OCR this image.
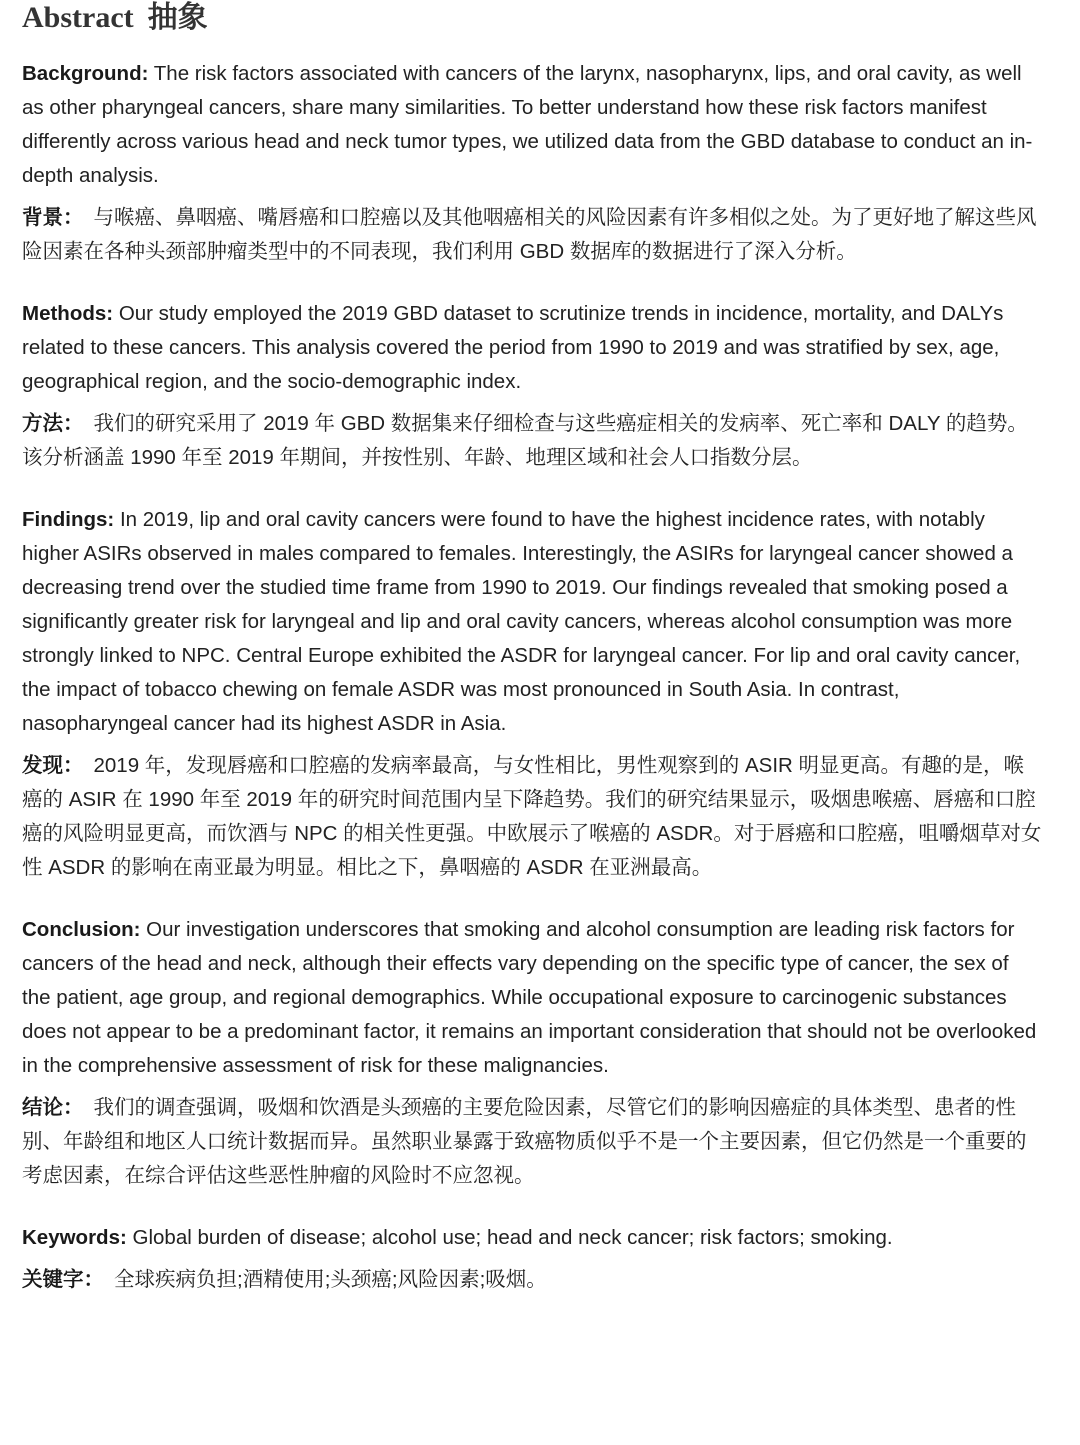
Abstract 抽象

Background: The risk factors associated with cancers of the larynx, nasopharynx, lips, and oral cavity, as well as other pharyngeal cancers, share many similarities. To better understand how these risk factors manifest differently across various head and neck tumor types, we utilized data from the GBD database to conduct an in-depth analysis.

背景： 与喉癌、鼻咽癌、嘴唇癌和口腔癌以及其他咽癌相关的风险因素有许多相似之处。为了更好地了解这些风险因素在各种头颈部肿瘤类型中的不同表现，我们利用 GBD 数据库的数据进行了深入分析。

Methods: Our study employed the 2019 GBD dataset to scrutinize trends in incidence, mortality, and DALYs related to these cancers. This analysis covered the period from 1990 to 2019 and was stratified by sex, age, geographical region, and the socio-demographic index.

方法： 我们的研究采用了 2019 年 GBD 数据集来仔细检查与这些癌症相关的发病率、死亡率和 DALY 的趋势。该分析涵盖 1990 年至 2019 年期间，并按性别、年龄、地理区域和社会人口指数分层。

Findings: In 2019, lip and oral cavity cancers were found to have the highest incidence rates, with notably higher ASIRs observed in males compared to females. Interestingly, the ASIRs for laryngeal cancer showed a decreasing trend over the studied time frame from 1990 to 2019. Our findings revealed that smoking posed a significantly greater risk for laryngeal and lip and oral cavity cancers, whereas alcohol consumption was more strongly linked to NPC. Central Europe exhibited the ASDR for laryngeal cancer. For lip and oral cavity cancer, the impact of tobacco chewing on female ASDR was most pronounced in South Asia. In contrast, nasopharyngeal cancer had its highest ASDR in Asia.

发现： 2019 年，发现唇癌和口腔癌的发病率最高，与女性相比，男性观察到的 ASIR 明显更高。有趣的是，喉癌的 ASIR 在 1990 年至 2019 年的研究时间范围内呈下降趋势。我们的研究结果显示，吸烟患喉癌、唇癌和口腔癌的风险明显更高，而饮酒与 NPC 的相关性更强。中欧展示了喉癌的 ASDR。对于唇癌和口腔癌，咀嚼烟草对女性 ASDR 的影响在南亚最为明显。相比之下，鼻咽癌的 ASDR 在亚洲最高。

Conclusion: Our investigation underscores that smoking and alcohol consumption are leading risk factors for cancers of the head and neck, although their effects vary depending on the specific type of cancer, the sex of the patient, age group, and regional demographics. While occupational exposure to carcinogenic substances does not appear to be a predominant factor, it remains an important consideration that should not be overlooked in the comprehensive assessment of risk for these malignancies.

结论： 我们的调查强调，吸烟和饮酒是头颈癌的主要危险因素，尽管它们的影响因癌症的具体类型、患者的性别、年龄组和地区人口统计数据而异。虽然职业暴露于致癌物质似乎不是一个主要因素，但它仍然是一个重要的考虑因素，在综合评估这些恶性肿瘤的风险时不应忽视。

Keywords: Global burden of disease; alcohol use; head and neck cancer; risk factors; smoking.

关键字： 全球疾病负担;酒精使用;头颈癌;风险因素;吸烟。
